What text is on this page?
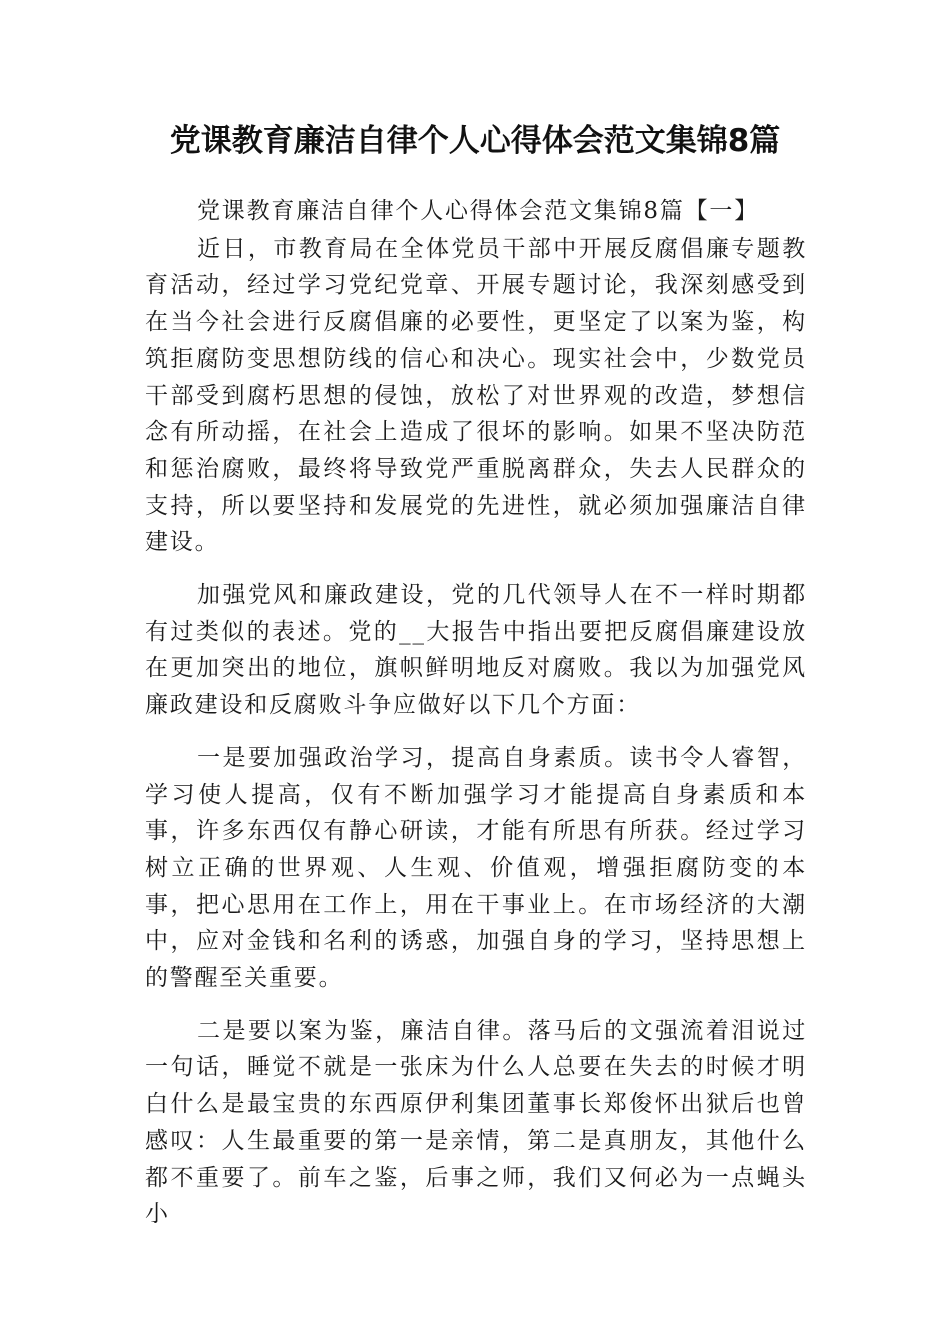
党课教育廉洁自律个人心得体会范文集锦8篇

党课教育廉洁自律个人心得体会范文集锦8篇【一】

近日，市教育局在全体党员干部中开展反腐倡廉专题教育活动，经过学习党纪党章、开展专题讨论，我深刻感受到在当今社会进行反腐倡廉的必要性，更坚定了以案为鉴，构筑拒腐防变思想防线的信心和决心。现实社会中，少数党员干部受到腐朽思想的侵蚀，放松了对世界观的改造，梦想信念有所动摇，在社会上造成了很坏的影响。如果不坚决防范和惩治腐败，最终将导致党严重脱离群众，失去人民群众的支持，所以要坚持和发展党的先进性，就必须加强廉洁自律建设。

加强党风和廉政建设，党的几代领导人在不一样时期都有过类似的表述。党的__大报告中指出要把反腐倡廉建设放在更加突出的地位，旗帜鲜明地反对腐败。我以为加强党风廉政建设和反腐败斗争应做好以下几个方面：

一是要加强政治学习，提高自身素质。读书令人睿智，学习使人提高，仅有不断加强学习才能提高自身素质和本事，许多东西仅有静心研读，才能有所思有所获。经过学习树立正确的世界观、人生观、价值观，增强拒腐防变的本事，把心思用在工作上，用在干事业上。在市场经济的大潮中，应对金钱和名利的诱惑，加强自身的学习，坚持思想上的警醒至关重要。

二是要以案为鉴，廉洁自律。落马后的文强流着泪说过一句话，睡觉不就是一张床为什么人总要在失去的时候才明白什么是最宝贵的东西原伊利集团董事长郑俊怀出狱后也曾感叹：人生最重要的第一是亲情，第二是真朋友，其他什么都不重要了。前车之鉴，后事之师，我们又何必为一点蝇头小
